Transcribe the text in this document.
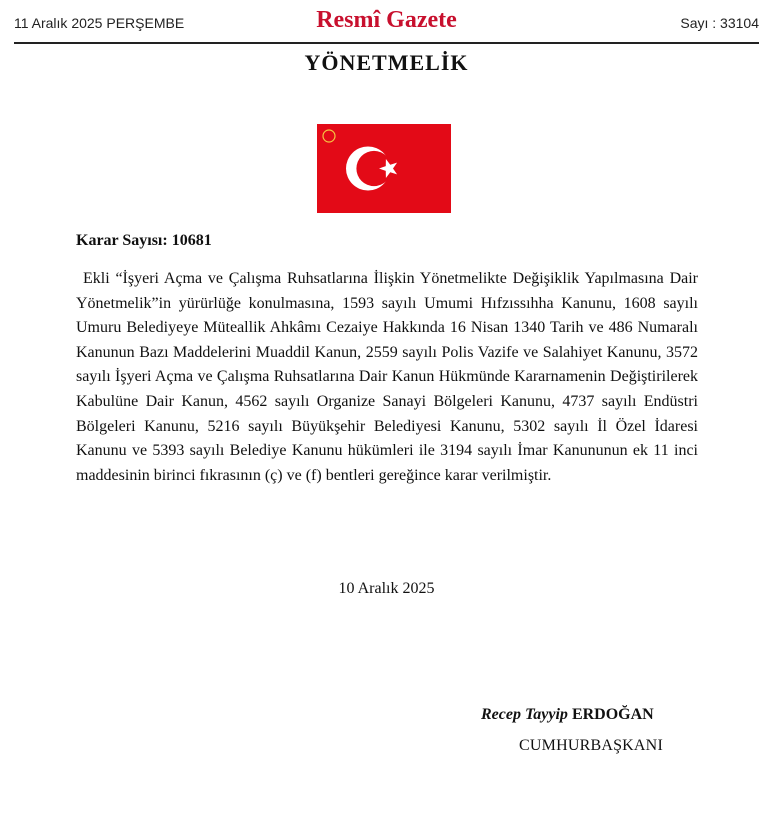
11 Aralık 2025 PERŞEMBE	Resmî Gazete	Sayı : 33104
YÖNETMELİK
Karar Sayısı: 10681

Ekli “İşyeri Açma ve Çalışma Ruhsatlarına İlişkin Yönetmelikte Değişiklik Yapılmasına Dair Yönetmelik”in yürürlüğe konulmasına, 1593 sayılı Umumi Hıfzıssıhha Kanunu, 1608 sayılı Umuru Belediyeye Müteallik Ahkâmı Cezaiye Hakkında 16 Nisan 1340 Tarih ve 486 Numaralı Kanunun Bazı Maddelerini Muaddil Kanun, 2559 sayılı Polis Vazife ve Salahiyet Kanunu, 3572 sayılı İşyeri Açma ve Çalışma Ruhsatlarına Dair Kanun Hükmünde Kararnamenin Değiştirilerek Kabulüne Dair Kanun, 4562 sayılı Organize Sanayi Bölgeleri Kanunu, 4737 sayılı Endüstri Bölgeleri Kanunu, 5216 sayılı Büyükşehir Belediyesi Kanunu, 5302 sayılı İl Özel İdaresi Kanunu ve 5393 sayılı Belediye Kanunu hükümleri ile 3194 sayılı İmar Kanununun ek 11 inci maddesinin birinci fıkrasının (ç) ve (f) bentleri gereğince karar verilmiştir.

10 Aralık 2025
Recep Tayyip ERDOĞAN
CUMHURBAŞKANI
